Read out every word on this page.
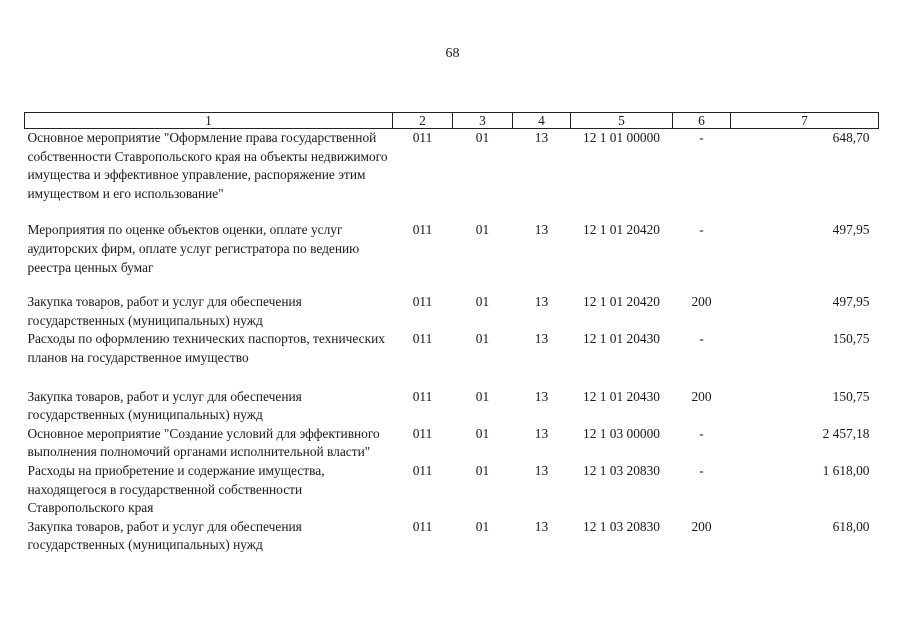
68
1	2	3	4	5	6	7
Основное мероприятие "Оформление права государственной собственности Ставропольского края на объекты недвижимого имущества и эффективное управление, распоряжение этим имуществом и его использование"	011	01	13	12 1 01 00000	-	648,70
Мероприятия по оценке объектов оценки, оплате услуг аудиторских фирм, оплате услуг регистратора по ведению реестра ценных бумаг	011	01	13	12 1 01 20420	-	497,95
Закупка товаров, работ и услуг для обеспечения государственных (муниципальных) нужд	011	01	13	12 1 01 20420	200	497,95
Расходы по оформлению технических паспортов, технических планов на государственное имущество	011	01	13	12 1 01 20430	-	150,75
Закупка товаров, работ и услуг для обеспечения государственных (муниципальных) нужд	011	01	13	12 1 01 20430	200	150,75
Основное мероприятие "Создание условий для эффективного выполнения полномочий органами исполнительной власти"	011	01	13	12 1 03 00000	-	2 457,18
Расходы на приобретение и содержание имущества, находящегося в государственной собственности Ставропольского края	011	01	13	12 1 03 20830	-	1 618,00
Закупка товаров, работ и услуг для обеспечения государственных (муниципальных) нужд	011	01	13	12 1 03 20830	200	618,00
